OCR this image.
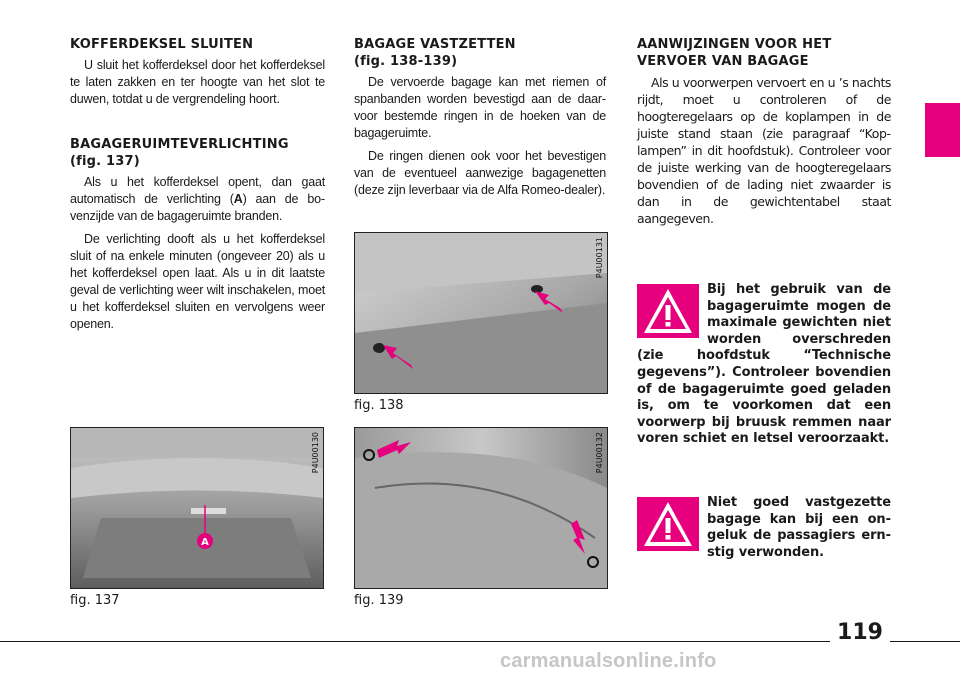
KOFFERDEKSEL SLUITEN

U sluit het kofferdeksel door het kofferdeksel te laten zakken en ter hoogte van het slot te duwen, totdat u de vergrendeling hoort.

BAGAGERUIMTEVERLICHTING
(fig. 137)

Als u het kofferdeksel opent, dan gaat automatisch de verlichting (A) aan de bovenzijde van de bagageruimte branden.

De verlichting dooft als u het kofferdeksel sluit of na enkele minuten (ongeveer 20) als u het kofferdeksel open laat. Als u in dit laatste geval de verlichting weer wilt inschakelen, moet u het kofferdeksel sluiten en vervolgens weer openen.

A
P4U00130
fig. 137
BAGAGE VASTZETTEN
(fig. 138-139)

De vervoerde bagage kan met riemen of spanbanden worden bevestigd aan de daarvoor bestemde ringen in de hoeken van de bagageruimte.

De ringen dienen ook voor het bevestigen van de eventueel aanwezige bagagenetten (deze zijn leverbaar via de Alfa Romeo-dealer).

P4U00131
fig. 138
P4U00132
fig. 139
AANWIJZINGEN VOOR HET VERVOER VAN BAGAGE

Als u voorwerpen vervoert en u ’s nachts rijdt, moet u controleren of de hoogteregelaars op de koplampen in de juiste stand staan (zie paragraaf “Koplampen” in dit hoofdstuk). Controleer voor de juiste werking van de hoogteregelaars bovendien of de lading niet zwaarder is dan in de gewichtentabel staat aangegeven.

Bij het gebruik van de bagageruimte mogen de maximale gewichten niet worden overschreden (zie hoofdstuk “Technische gegevens”). Controleer bovendien of de bagageruimte goed geladen is, om te voorkomen dat een voorwerp bij bruusk remmen naar voren schiet en letsel veroorzaakt.

Niet goed vastgezette bagage kan bij een ongeluk de passagiers ernstig verwonden.

119
carmanualsonline.info
